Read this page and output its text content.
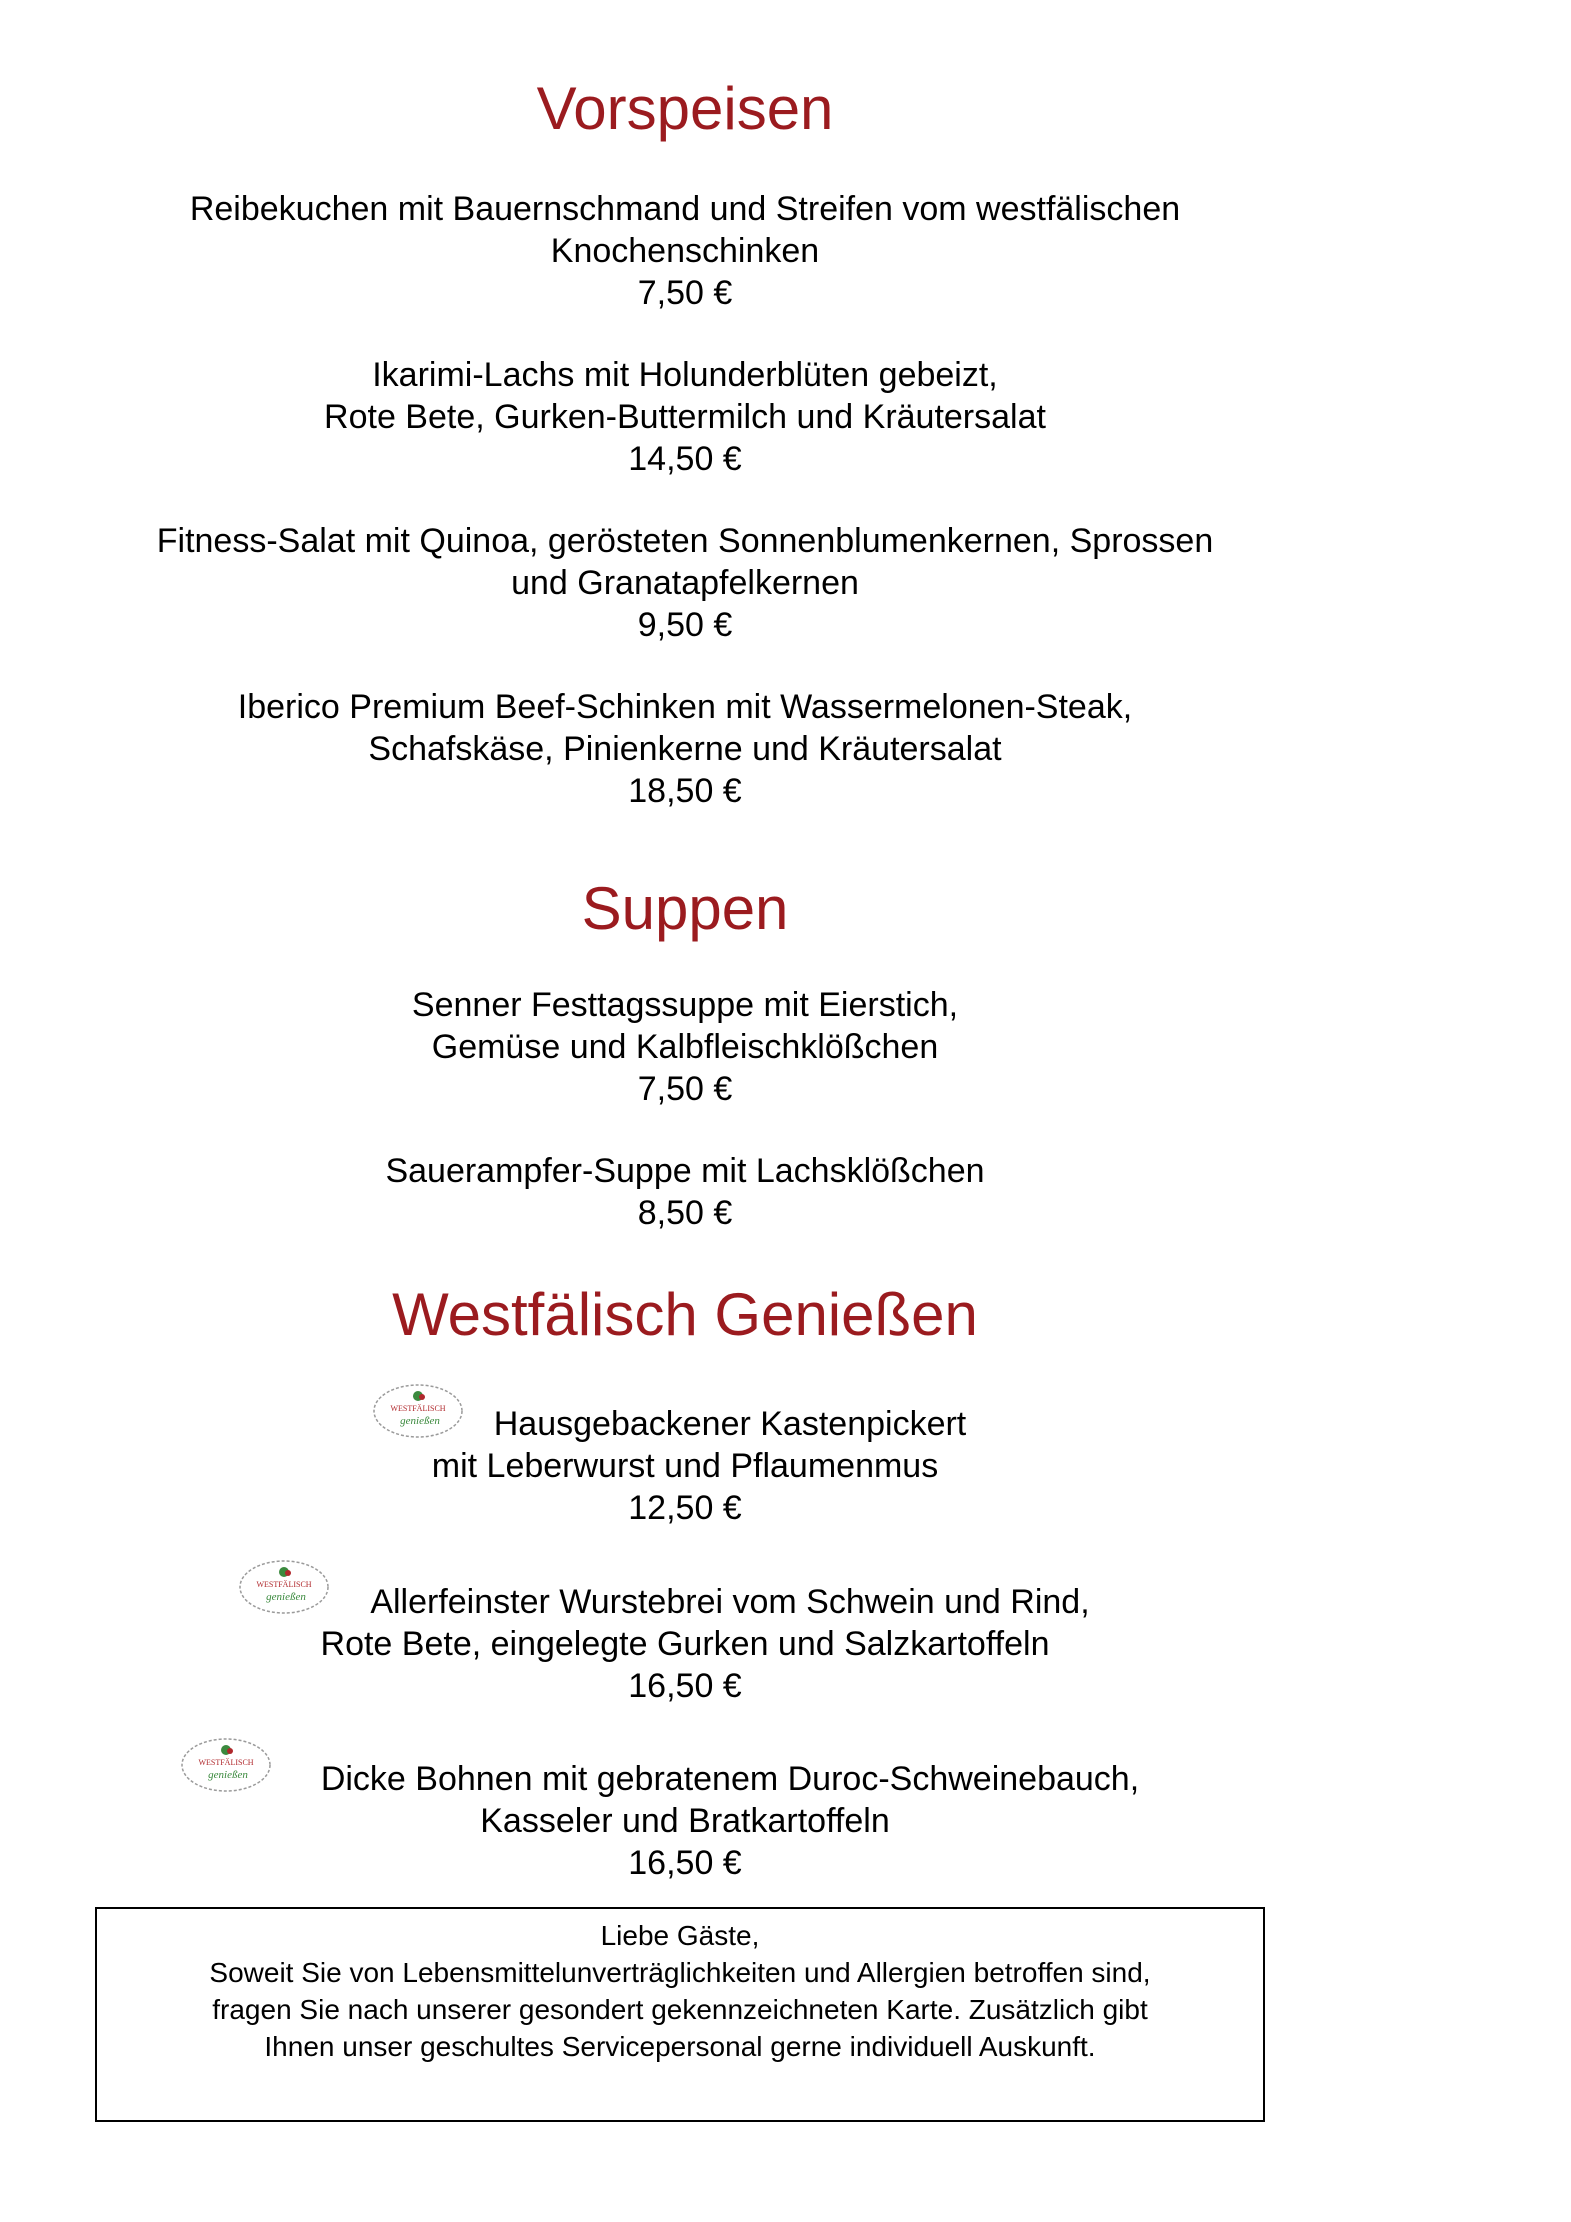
Vorspeisen
Reibekuchen mit Bauernschmand und Streifen vom westfälischen
Knochenschinken
7,50 €
Ikarimi-Lachs mit Holunderblüten gebeizt,
Rote Bete, Gurken-Buttermilch und Kräutersalat
14,50 €
Fitness-Salat mit Quinoa, gerösteten Sonnenblumenkernen, Sprossen
und Granatapfelkernen
9,50 €
Iberico Premium Beef-Schinken mit Wassermelonen-Steak,
Schafskäse, Pinienkerne und Kräutersalat
18,50 €
Suppen
Senner Festtagssuppe mit Eierstich,
Gemüse und Kalbfleischklößchen
7,50 €
Sauerampfer-Suppe mit Lachsklößchen
8,50 €
Westfälisch Genießen
WESTFÄLISCH
genießen	Hausgebackener Kastenpickert
mit Leberwurst und Pflaumenmus
12,50 €
WESTFÄLISCH
genießen	Allerfeinster Wurstebrei vom Schwein und Rind,
Rote Bete, eingelegte Gurken und Salzkartoffeln
16,50 €
WESTFÄLISCH
genießen	Dicke Bohnen mit gebratenem Duroc-Schweinebauch,
Kasseler und Bratkartoffeln
16,50 €
Liebe Gäste,
Soweit Sie von Lebensmittelunverträglichkeiten und Allergien betroffen sind,
fragen Sie nach unserer gesondert gekennzeichneten Karte. Zusätzlich gibt
Ihnen unser geschultes Servicepersonal gerne individuell Auskunft.
